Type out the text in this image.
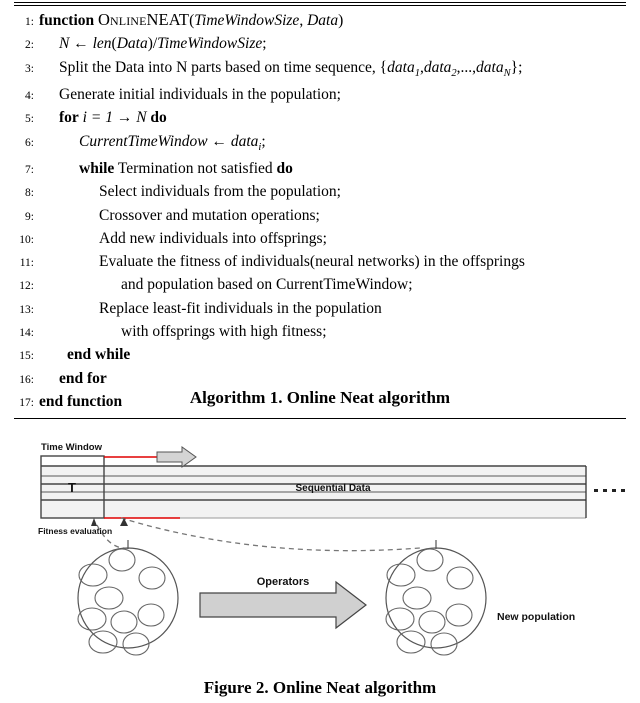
1: function OnlineNEAT(TimeWindowSize, Data)
2:	N ← len(Data)/TimeWindowSize;
3:	Split the Data into N parts based on time sequence, {data$_1$,data$_2$,...,data$_N$};
4:	Generate initial individuals in the population;
5:	for i = 1 → N do
6:	CurrentTimeWindow ← data$_i$;
7:	while Termination not satisfied do
8:	Select individuals from the population;
9:	Crossover and mutation operations;
10:	Add new individuals into offsprings;
11:	Evaluate the fitness of individuals(neural networks) in the offsprings
12:	and population based on CurrentTimeWindow;
13:	Replace least-fit individuals in the population
14:	with offsprings with high fitness;
15:	end while
16:	end for
17: end function	Algorithm 1. Online Neat algorithm
Time Window
Sequential Data
T
Fitness evaluation
Operators
New population
Figure 2. Online Neat algorithm
